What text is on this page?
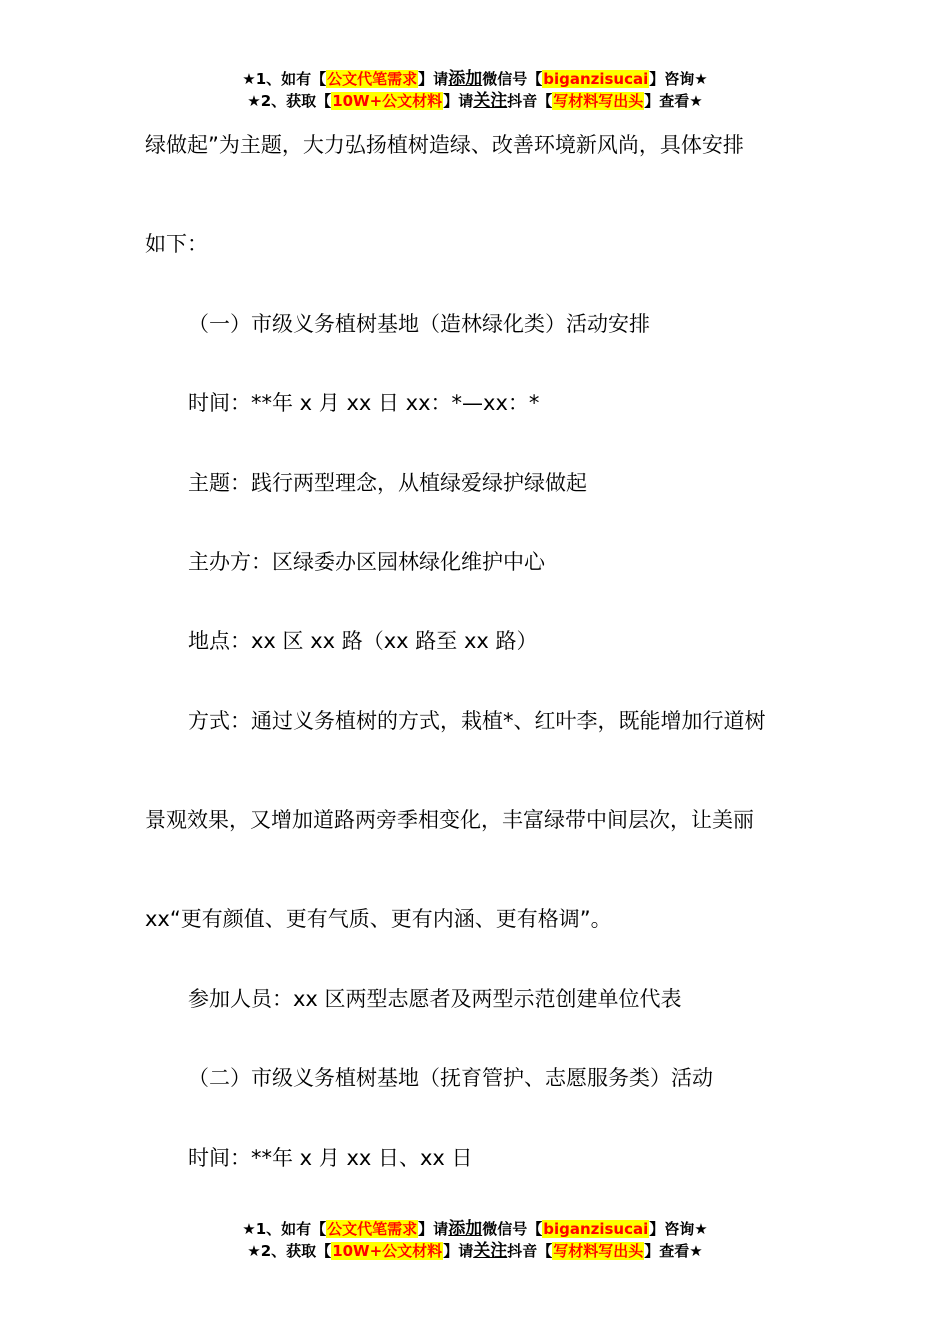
★1、如有【公文代笔需求】请添加微信号【biganzisucai】咨询★
★2、获取【10W+公文材料】请关注抖音【写材料写出头】查看★
绿做起”为主题，大力弘扬植树造绿、改善环境新风尚，具体安排
如下：
（一）市级义务植树基地（造林绿化类）活动安排
时间：**年 x 月 xx 日 xx：*—xx：*
主题：践行两型理念，从植绿爱绿护绿做起
主办方：区绿委办区园林绿化维护中心
地点：xx 区 xx 路（xx 路至 xx 路）
方式：通过义务植树的方式，栽植*、红叶李，既能增加行道树
景观效果，又增加道路两旁季相变化，丰富绿带中间层次，让美丽
xx“更有颜值、更有气质、更有内涵、更有格调”。
参加人员：xx 区两型志愿者及两型示范创建单位代表
（二）市级义务植树基地（抚育管护、志愿服务类）活动
时间：**年 x 月 xx 日、xx 日
★1、如有【公文代笔需求】请添加微信号【biganzisucai】咨询★
★2、获取【10W+公文材料】请关注抖音【写材料写出头】查看★
